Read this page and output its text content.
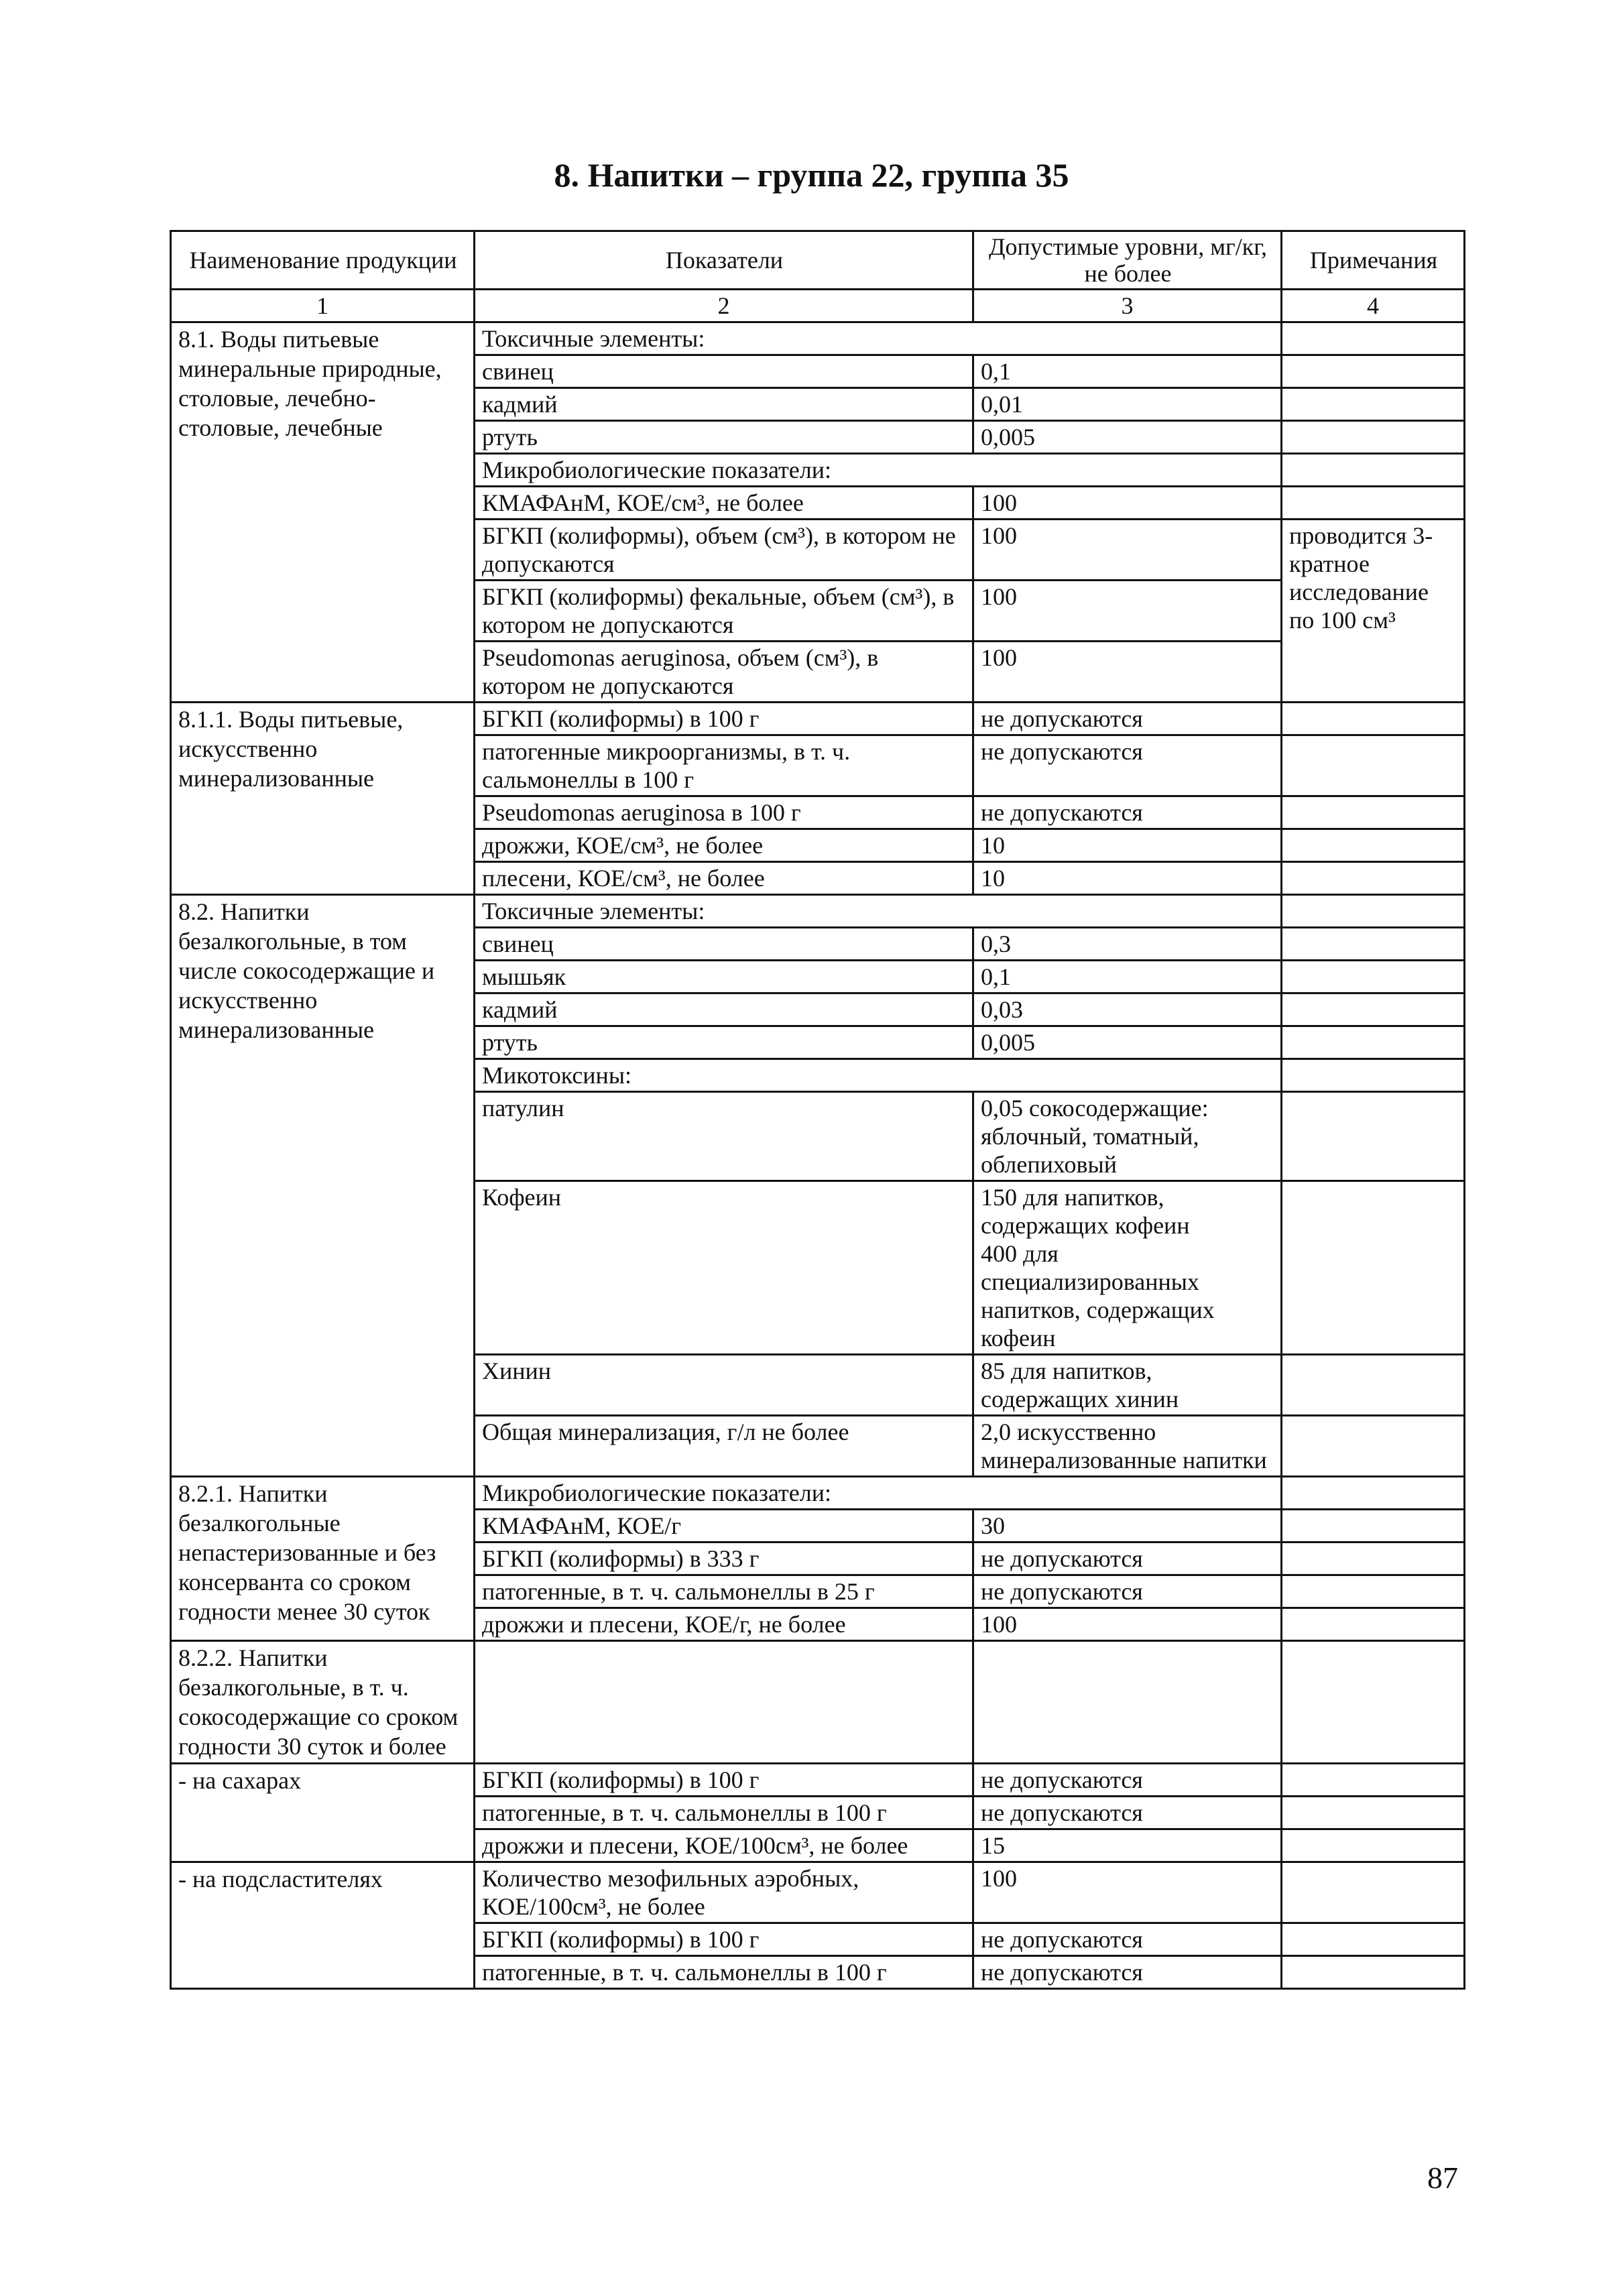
8. Напитки – группа 22, группа 35
Наименование продукции	Показатели	Допустимые уровни, мг/кг, не более	Примечания
1	2	3	4
8.1. Воды питьевые минеральные природные, столовые, лечебно-столовые, лечебные	Токсичные элементы:		
	свинец	0,1	
	кадмий	0,01	
	ртуть	0,005	
	Микробиологические показатели:		
	КМАФАнМ, КОЕ/см³, не более	100	
	БГКП (колиформы), объем (см³), в котором не допускаются	100	проводится 3-кратное исследование по 100 см³
	БГКП (колиформы) фекальные, объем (см³), в котором не допускаются	100	
	Pseudomonas aeruginosa, объем (см³), в котором не допускаются	100	
8.1.1. Воды питьевые, искусственно минерализованные	БГКП (колиформы) в 100 г	не допускаются	
	патогенные микроорганизмы, в т. ч. сальмонеллы в 100 г	не допускаются	
	Pseudomonas aeruginosa в 100 г	не допускаются	
	дрожжи, КОЕ/см³, не более	10	
	плесени, КОЕ/см³, не более	10	
8.2. Напитки безалкогольные, в том числе сокосодержащие и искусственно минерализованные	Токсичные элементы:		
	свинец	0,3	
	мышьяк	0,1	
	кадмий	0,03	
	ртуть	0,005	
	Микотоксины:		
	патулин	0,05 сокосодержащие: яблочный, томатный, облепиховый	
	Кофеин	150 для напитков, содержащих кофеин
400 для специализированных напитков, содержащих кофеин	
	Хинин	85 для напитков, содержащих хинин	
	Общая минерализация, г/л не более	2,0 искусственно минерализованные напитки	
8.2.1. Напитки безалкогольные непастеризованные и без консерванта со сроком годности менее 30 суток	Микробиологические показатели:		
	КМАФАнМ, КОЕ/г	30	
	БГКП (колиформы) в 333 г	не допускаются	
	патогенные, в т. ч. сальмонеллы в 25 г	не допускаются	
	дрожжи и плесени, КОЕ/г, не более	100	
8.2.2. Напитки безалкогольные, в т. ч. сокосодержащие со сроком годности 30 суток и более			
- на сахарах	БГКП (колиформы) в 100 г	не допускаются	
	патогенные, в т. ч. сальмонеллы в 100 г	не допускаются	
	дрожжи и плесени, КОЕ/100см³, не более	15	
- на подсластителях	Количество мезофильных аэробных, КОЕ/100см³, не более	100	
	БГКП (колиформы) в 100 г	не допускаются	
	патогенные, в т. ч. сальмонеллы в 100 г	не допускаются	
87
